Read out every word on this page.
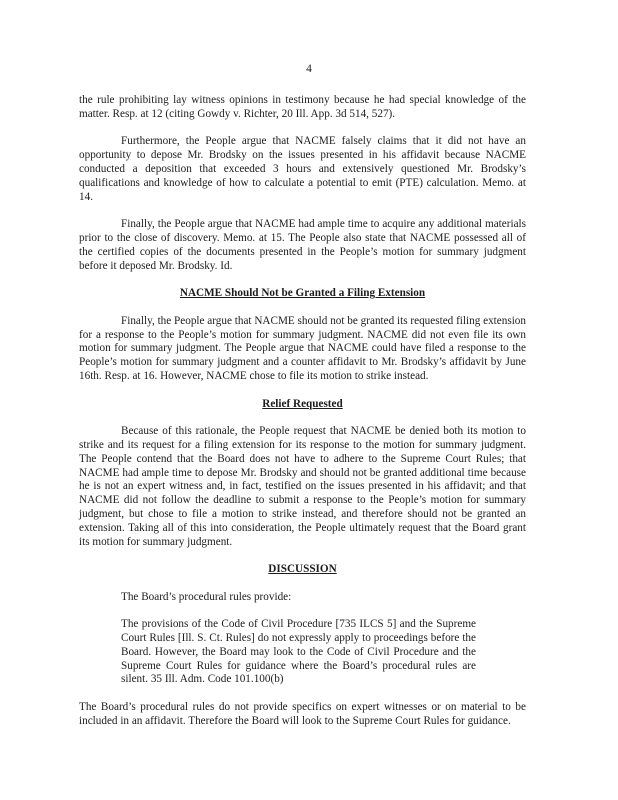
4

the rule prohibiting lay witness opinions in testimony because he had special knowledge of the matter. Resp. at 12 (citing Gowdy v. Richter, 20 Ill. App. 3d 514, 527).

Furthermore, the People argue that NACME falsely claims that it did not have an opportunity to depose Mr. Brodsky on the issues presented in his affidavit because NACME conducted a deposition that exceeded 3 hours and extensively questioned Mr. Brodsky’s qualifications and knowledge of how to calculate a potential to emit (PTE) calculation. Memo. at 14.

Finally, the People argue that NACME had ample time to acquire any additional materials prior to the close of discovery. Memo. at 15. The People also state that NACME possessed all of the certified copies of the documents presented in the People’s motion for summary judgment before it deposed Mr. Brodsky. Id.

NACME Should Not be Granted a Filing Extension

Finally, the People argue that NACME should not be granted its requested filing extension for a response to the People’s motion for summary judgment. NACME did not even file its own motion for summary judgment. The People argue that NACME could have filed a response to the People’s motion for summary judgment and a counter affidavit to Mr. Brodsky’s affidavit by June 16th. Resp. at 16. However, NACME chose to file its motion to strike instead.

Relief Requested

Because of this rationale, the People request that NACME be denied both its motion to strike and its request for a filing extension for its response to the motion for summary judgment. The People contend that the Board does not have to adhere to the Supreme Court Rules; that NACME had ample time to depose Mr. Brodsky and should not be granted additional time because he is not an expert witness and, in fact, testified on the issues presented in his affidavit; and that NACME did not follow the deadline to submit a response to the People’s motion for summary judgment, but chose to file a motion to strike instead, and therefore should not be granted an extension. Taking all of this into consideration, the People ultimately request that the Board grant its motion for summary judgment.

DISCUSSION

The Board’s procedural rules provide:

The provisions of the Code of Civil Procedure [735 ILCS 5] and the Supreme Court Rules [Ill. S. Ct. Rules] do not expressly apply to proceedings before the Board. However, the Board may look to the Code of Civil Procedure and the Supreme Court Rules for guidance where the Board’s procedural rules are silent. 35 Ill. Adm. Code 101.100(b)

The Board’s procedural rules do not provide specifics on expert witnesses or on material to be included in an affidavit. Therefore the Board will look to the Supreme Court Rules for guidance.
